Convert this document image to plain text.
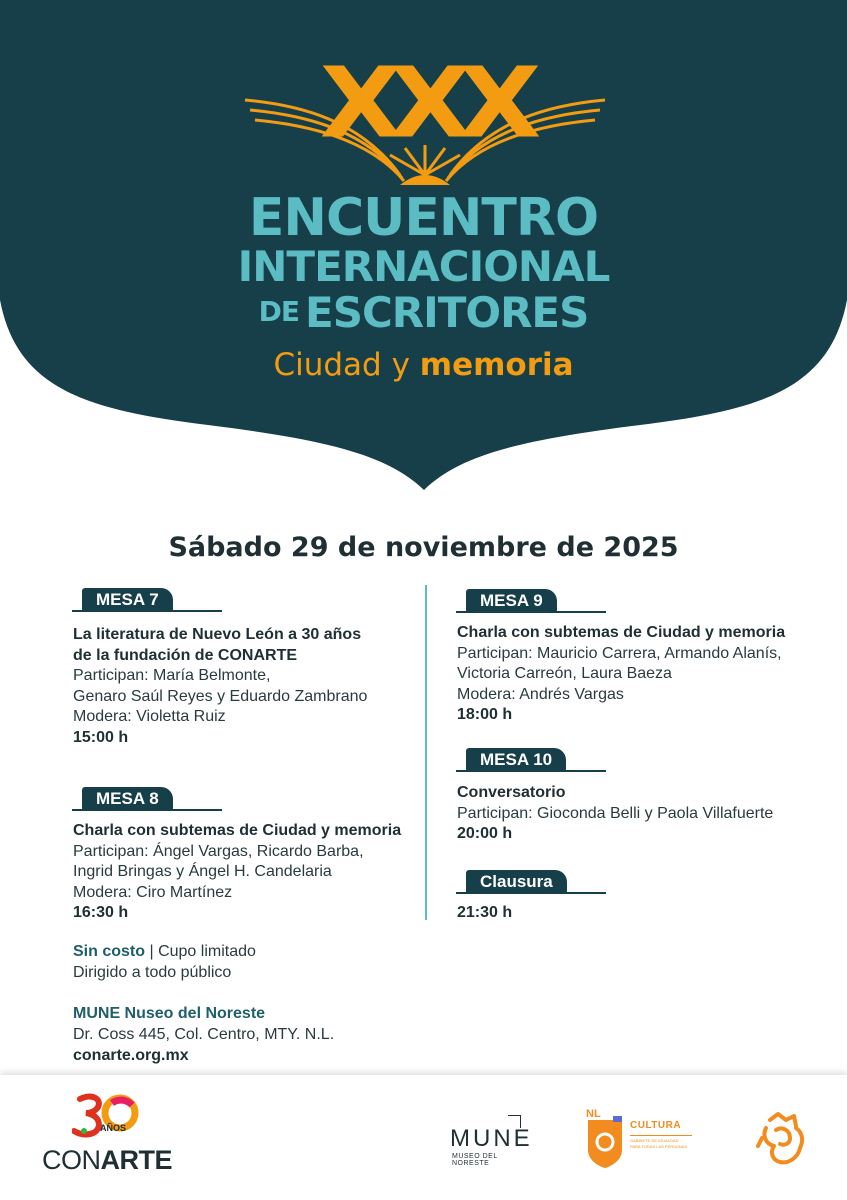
XXX
ENCUENTRO
INTERNACIONAL
DE ESCRITORES
Ciudad y memoria
Sábado 29 de noviembre de 2025
MESA 7
La literatura de Nuevo León a 30 años
de la fundación de CONARTE
Participan: María Belmonte,
Genaro Saúl Reyes y Eduardo Zambrano
Modera: Violetta Ruiz
15:00 h
MESA 8
Charla con subtemas de Ciudad y memoria
Participan: Ángel Vargas, Ricardo Barba,
Ingrid Bringas y Ángel H. Candelaria
Modera: Ciro Martínez
16:30 h
MESA 9
Charla con subtemas de Ciudad y memoria
Participan: Mauricio Carrera, Armando Alanís,
Victoria Carreón, Laura Baeza
Modera: Andrés Vargas
18:00 h
MESA 10
Conversatorio
Participan: Gioconda Belli y Paola Villafuerte
20:00 h
Clausura
21:30 h
Sin costo | Cupo limitado
Dirigido a todo público
MUNE Nuseo del Noreste
Dr. Coss 445, Col. Centro, MTY. N.L.
conarte.org.mx
AÑOS
CONARTE
MUNE
MUSEO DEL NORESTE
NL
CULTURA
GABINETE DE IGUALDAD
PARA TODAS LAS PERSONAS
